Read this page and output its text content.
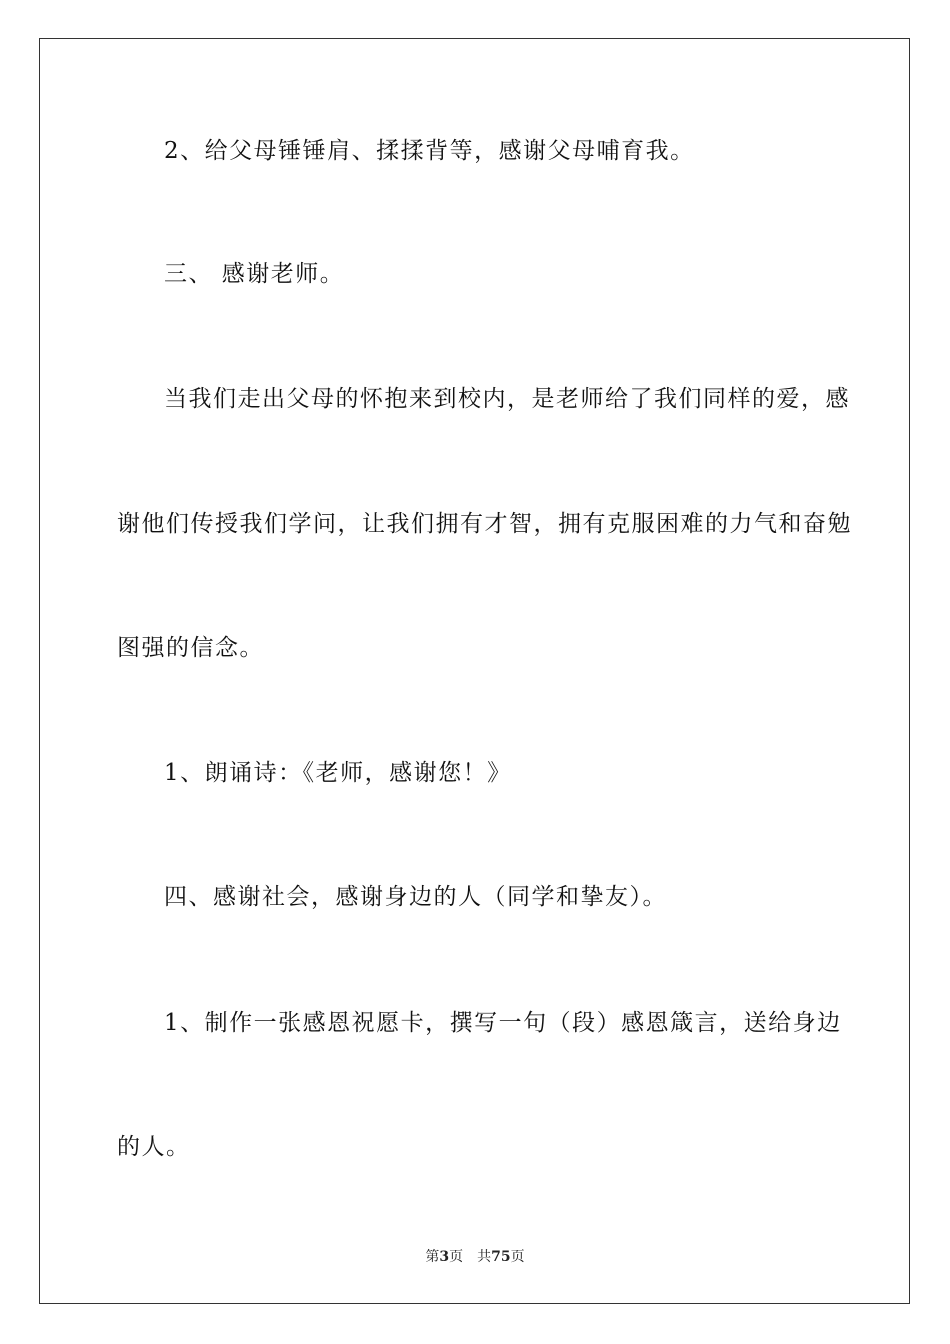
2、给父母锤锤肩、揉揉背等，感谢父母哺育我。

三、 感谢老师。

当我们走出父母的怀抱来到校内，是老师给了我们同样的爱，感

谢他们传授我们学问，让我们拥有才智，拥有克服困难的力气和奋勉

图强的信念。

1、朗诵诗：《老师，感谢您！》

四、感谢社会，感谢身边的人（同学和挚友）。

1、制作一张感恩祝愿卡，撰写一句（段）感恩箴言，送给身边

的人。

第3页 共75页
